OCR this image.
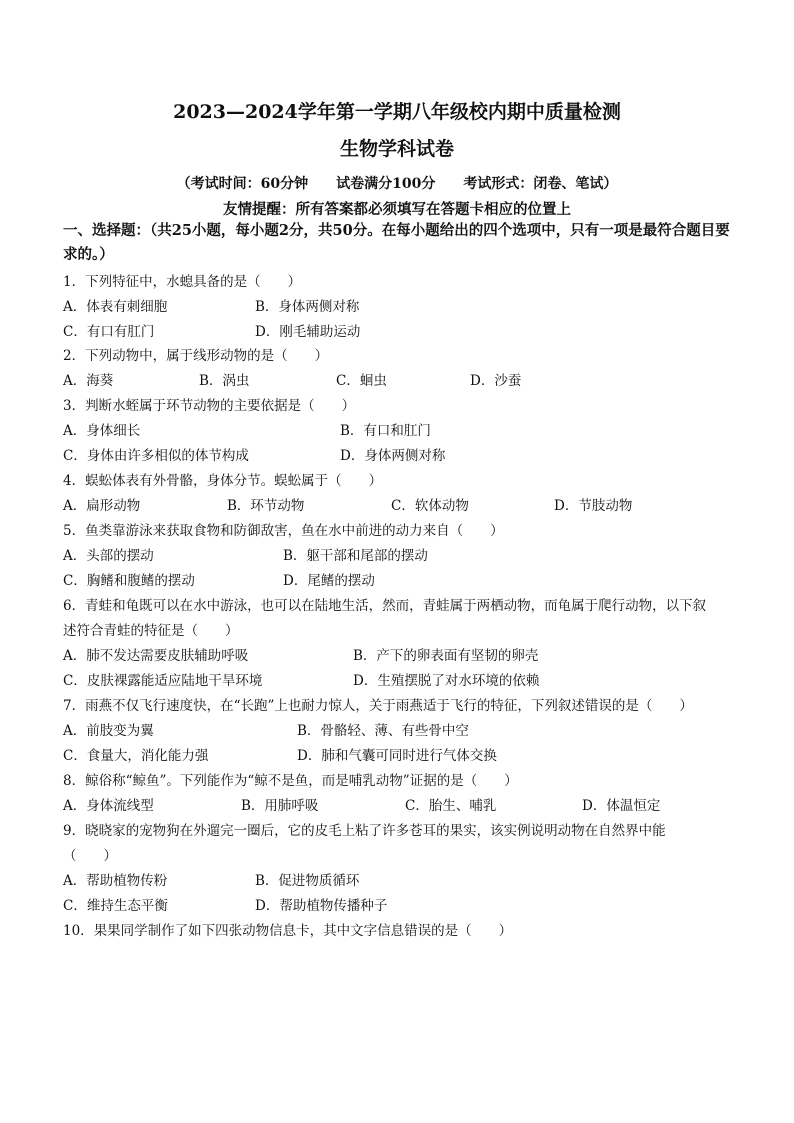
2023—2024学年第一学期八年级校内期中质量检测
生物学科试卷
（考试时间：60分钟　　试卷满分100分　　考试形式：闭卷、笔试）
友情提醒：所有答案都必须填写在答题卡相应的位置上
一、选择题：（共25小题，每小题2分，共50分。在每小题给出的四个选项中，只有一项是最符合题目要求的。）
1．下列特征中，水螅具备的是（　　）
A．体表有刺细胞	B．身体两侧对称
C．有口有肛门	D．刚毛辅助运动
2．下列动物中，属于线形动物的是（　　）
A．海葵	B．涡虫	C．蛔虫	D．沙蚕
3．判断水蛭属于环节动物的主要依据是（　　）
A．身体细长	B．有口和肛门
C．身体由许多相似的体节构成	D．身体两侧对称
4．蜈蚣体表有外骨骼，身体分节。蜈蚣属于（　　）
A．扁形动物	B．环节动物	C．软体动物	D．节肢动物
5．鱼类靠游泳来获取食物和防御敌害，鱼在水中前进的动力来自（　　）
A．头部的摆动	B．躯干部和尾部的摆动
C．胸鳍和腹鳍的摆动	D．尾鳍的摆动
6．青蛙和龟既可以在水中游泳，也可以在陆地生活，然而，青蛙属于两栖动物，而龟属于爬行动物，以下叙
述符合青蛙的特征是（　　）
A．肺不发达需要皮肤辅助呼吸	B．产下的卵表面有坚韧的卵壳
C．皮肤裸露能适应陆地干旱环境	D．生殖摆脱了对水环境的依赖
7．雨燕不仅飞行速度快，在“长跑”上也耐力惊人，关于雨燕适于飞行的特征，下列叙述错误的是（　　）
A．前肢变为翼	B．骨骼轻、薄、有些骨中空
C．食量大，消化能力强	D．肺和气囊可同时进行气体交换
8．鲸俗称“鲸鱼”。下列能作为“鲸不是鱼，而是哺乳动物”证据的是（　　）
A．身体流线型	B．用肺呼吸	C．胎生、哺乳	D．体温恒定
9．晓晓家的宠物狗在外遛完一圈后，它的皮毛上粘了许多苍耳的果实，该实例说明动物在自然界中能
（　　）
A．帮助植物传粉	B．促进物质循环
C．维持生态平衡	D．帮助植物传播种子
10．果果同学制作了如下四张动物信息卡，其中文字信息错误的是（　　）
